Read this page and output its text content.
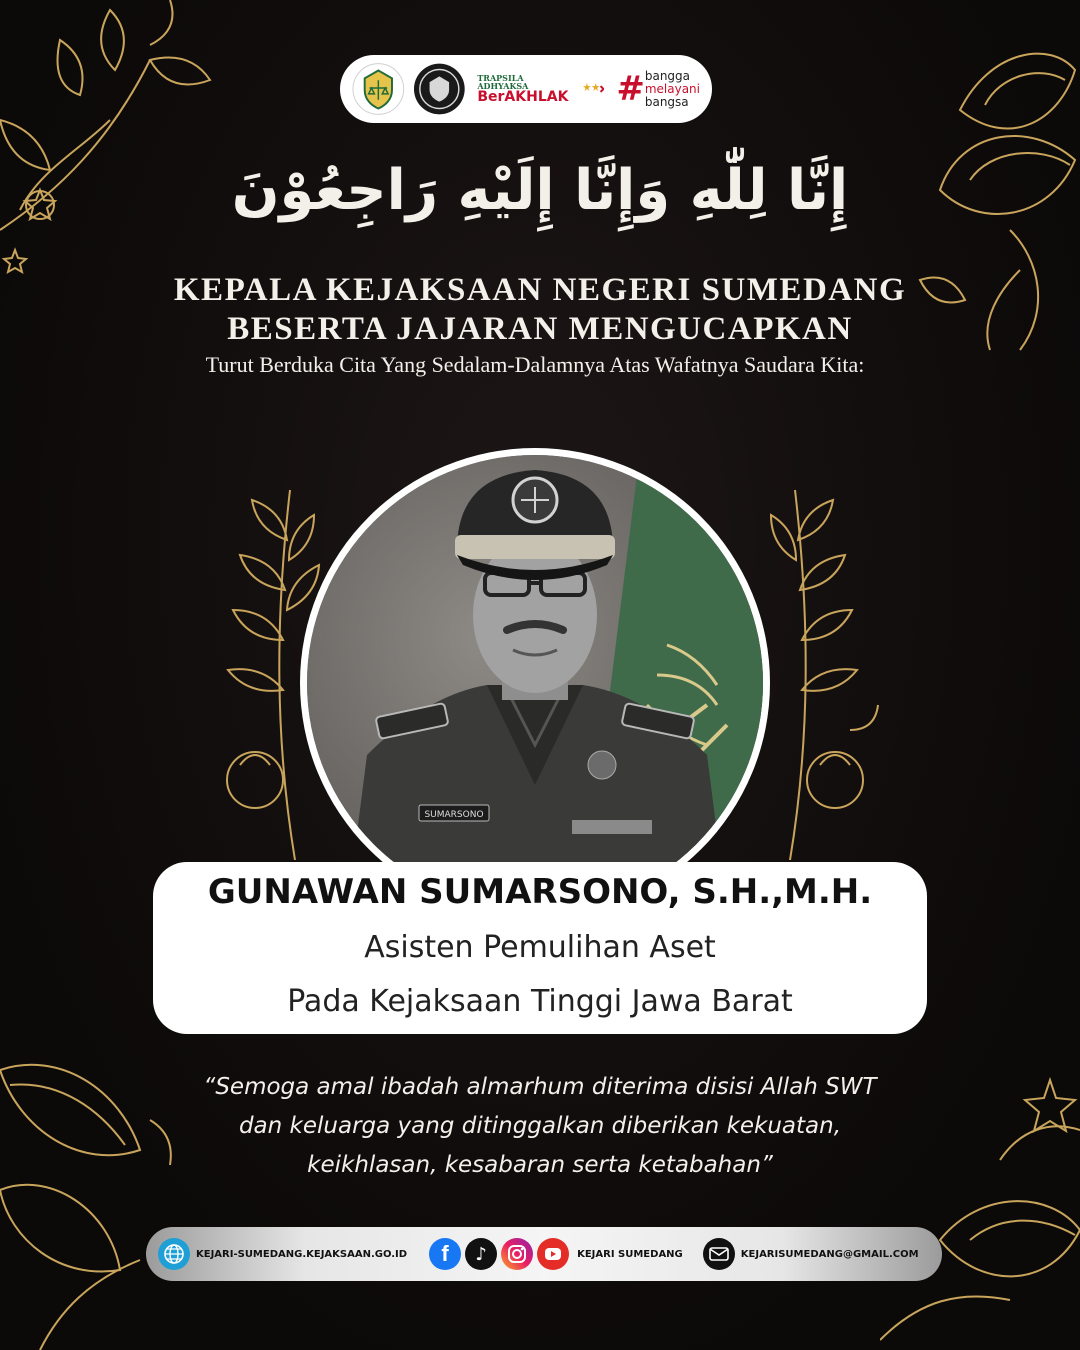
TRAPSILA ADHYAKSA
BerAKHLAK # bangga
melayani
bangsa
إِنَّا لِلّٰهِ وَإِنَّا إِلَيْهِ رَاجِعُوْنَ
KEPALA KEJAKSAAN NEGERI SUMEDANG
BESERTA JAJARAN MENGUCAPKAN
Turut Berduka Cita Yang Sedalam-Dalamnya Atas Wafatnya Saudara Kita:
SUMARSONO
GUNAWAN SUMARSONO, S.H.,M.H.
Asisten Pemulihan Aset
Pada Kejaksaan Tinggi Jawa Barat
“Semoga amal ibadah almarhum diterima disisi Allah SWT
dan keluarga yang ditinggalkan diberikan kekuatan,
keikhlasan, kesabaran serta ketabahan”
KEJARI-SUMEDANG.KEJAKSAAN.GO.ID f ♪	KEJARI SUMEDANG	KEJARISUMEDANG@GMAIL.COM
